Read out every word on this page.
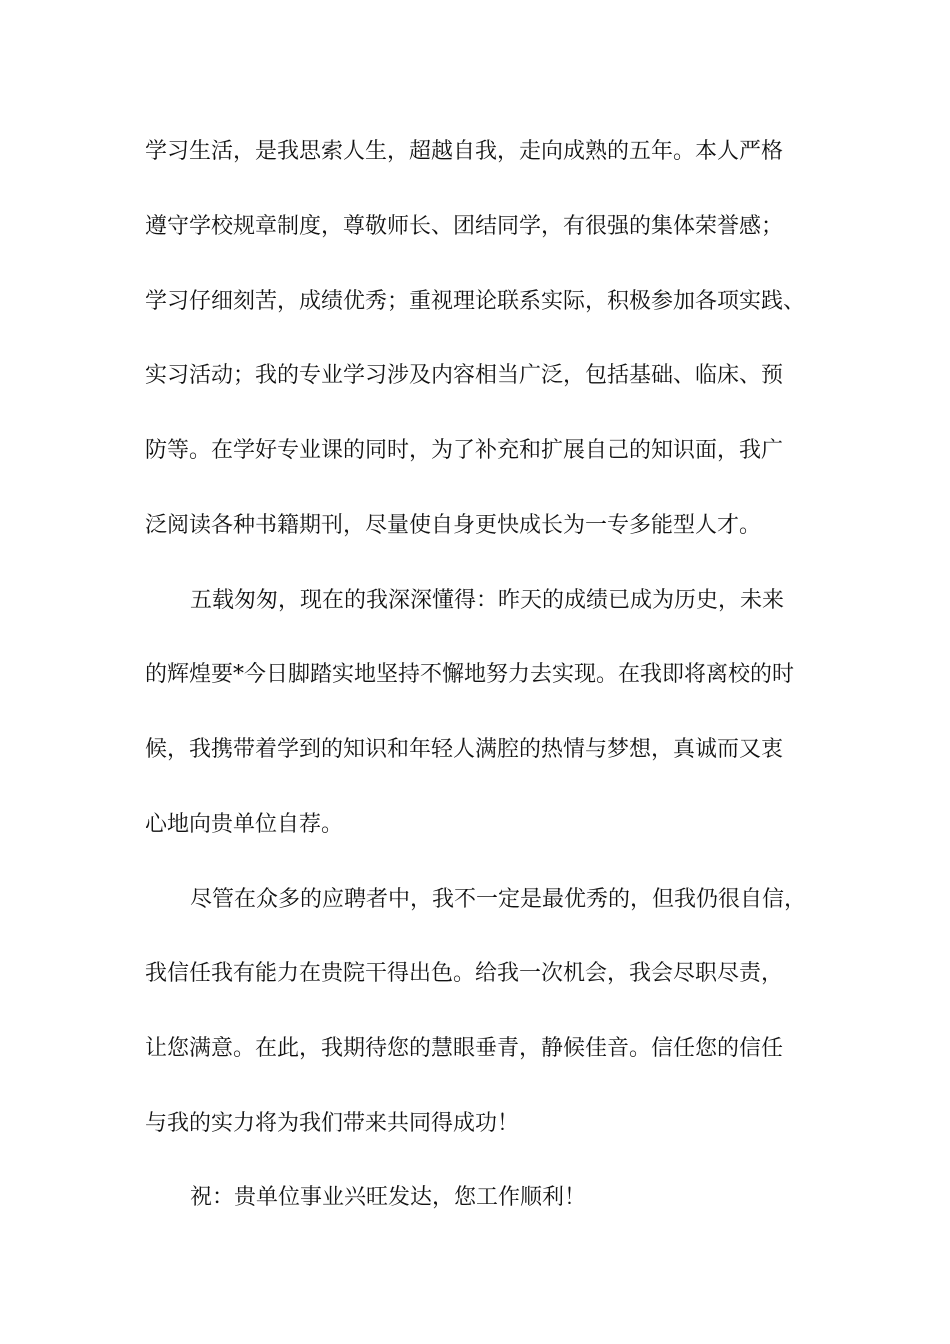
学习生活，是我思索人生，超越自我，走向成熟的五年。本人严格
遵守学校规章制度，尊敬师长、团结同学，有很强的集体荣誉感；
学习仔细刻苦，成绩优秀；重视理论联系实际，积极参加各项实践、
实习活动；我的专业学习涉及内容相当广泛，包括基础、临床、预
防等。在学好专业课的同时，为了补充和扩展自己的知识面，我广
泛阅读各种书籍期刊，尽量使自身更快成长为一专多能型人才。
五载匆匆，现在的我深深懂得：昨天的成绩已成为历史，未来
的辉煌要*今日脚踏实地坚持不懈地努力去实现。在我即将离校的时
候，我携带着学到的知识和年轻人满腔的热情与梦想，真诚而又衷
心地向贵单位自荐。
尽管在众多的应聘者中，我不一定是最优秀的，但我仍很自信，
我信任我有能力在贵院干得出色。给我一次机会，我会尽职尽责，
让您满意。在此，我期待您的慧眼垂青，静候佳音。信任您的信任
与我的实力将为我们带来共同得成功！
祝：贵单位事业兴旺发达，您工作顺利！
